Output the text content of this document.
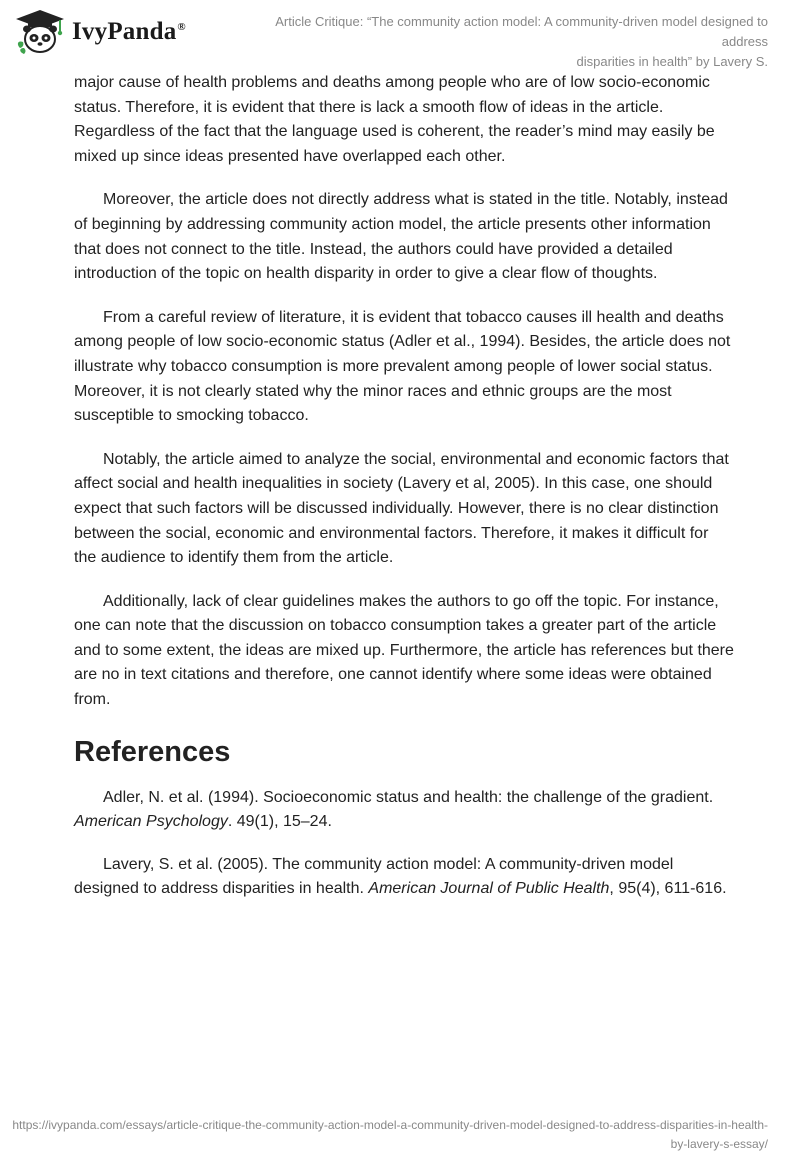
IvyPanda®	Article Critique: “The community action model: A community-driven model designed to address
disparities in health” by Lavery S.

major cause of health problems and deaths among people who are of low socio-economic status. Therefore, it is evident that there is lack a smooth flow of ideas in the article. Regardless of the fact that the language used is coherent, the reader’s mind may easily be mixed up since ideas presented have overlapped each other.

Moreover, the article does not directly address what is stated in the title. Notably, instead of beginning by addressing community action model, the article presents other information that does not connect to the title. Instead, the authors could have provided a detailed introduction of the topic on health disparity in order to give a clear flow of thoughts.

From a careful review of literature, it is evident that tobacco causes ill health and deaths among people of low socio-economic status (Adler et al., 1994). Besides, the article does not illustrate why tobacco consumption is more prevalent among people of lower social status. Moreover, it is not clearly stated why the minor races and ethnic groups are the most susceptible to smocking tobacco.

Notably, the article aimed to analyze the social, environmental and economic factors that affect social and health inequalities in society (Lavery et al, 2005). In this case, one should expect that such factors will be discussed individually. However, there is no clear distinction between the social, economic and environmental factors. Therefore, it makes it difficult for the audience to identify them from the article.

Additionally, lack of clear guidelines makes the authors to go off the topic. For instance, one can note that the discussion on tobacco consumption takes a greater part of the article and to some extent, the ideas are mixed up. Furthermore, the article has references but there are no in text citations and therefore, one cannot identify where some ideas were obtained from.

References

Adler, N. et al. (1994). Socioeconomic status and health: the challenge of the gradient. American Psychology. 49(1), 15–24.

Lavery, S. et al. (2005). The community action model: A community-driven model designed to address disparities in health. American Journal of Public Health, 95(4), 611-616.

https://ivypanda.com/essays/article-critique-the-community-action-model-a-community-driven-model-designed-to-address-disparities-in-health-by-lavery-s-essay/
